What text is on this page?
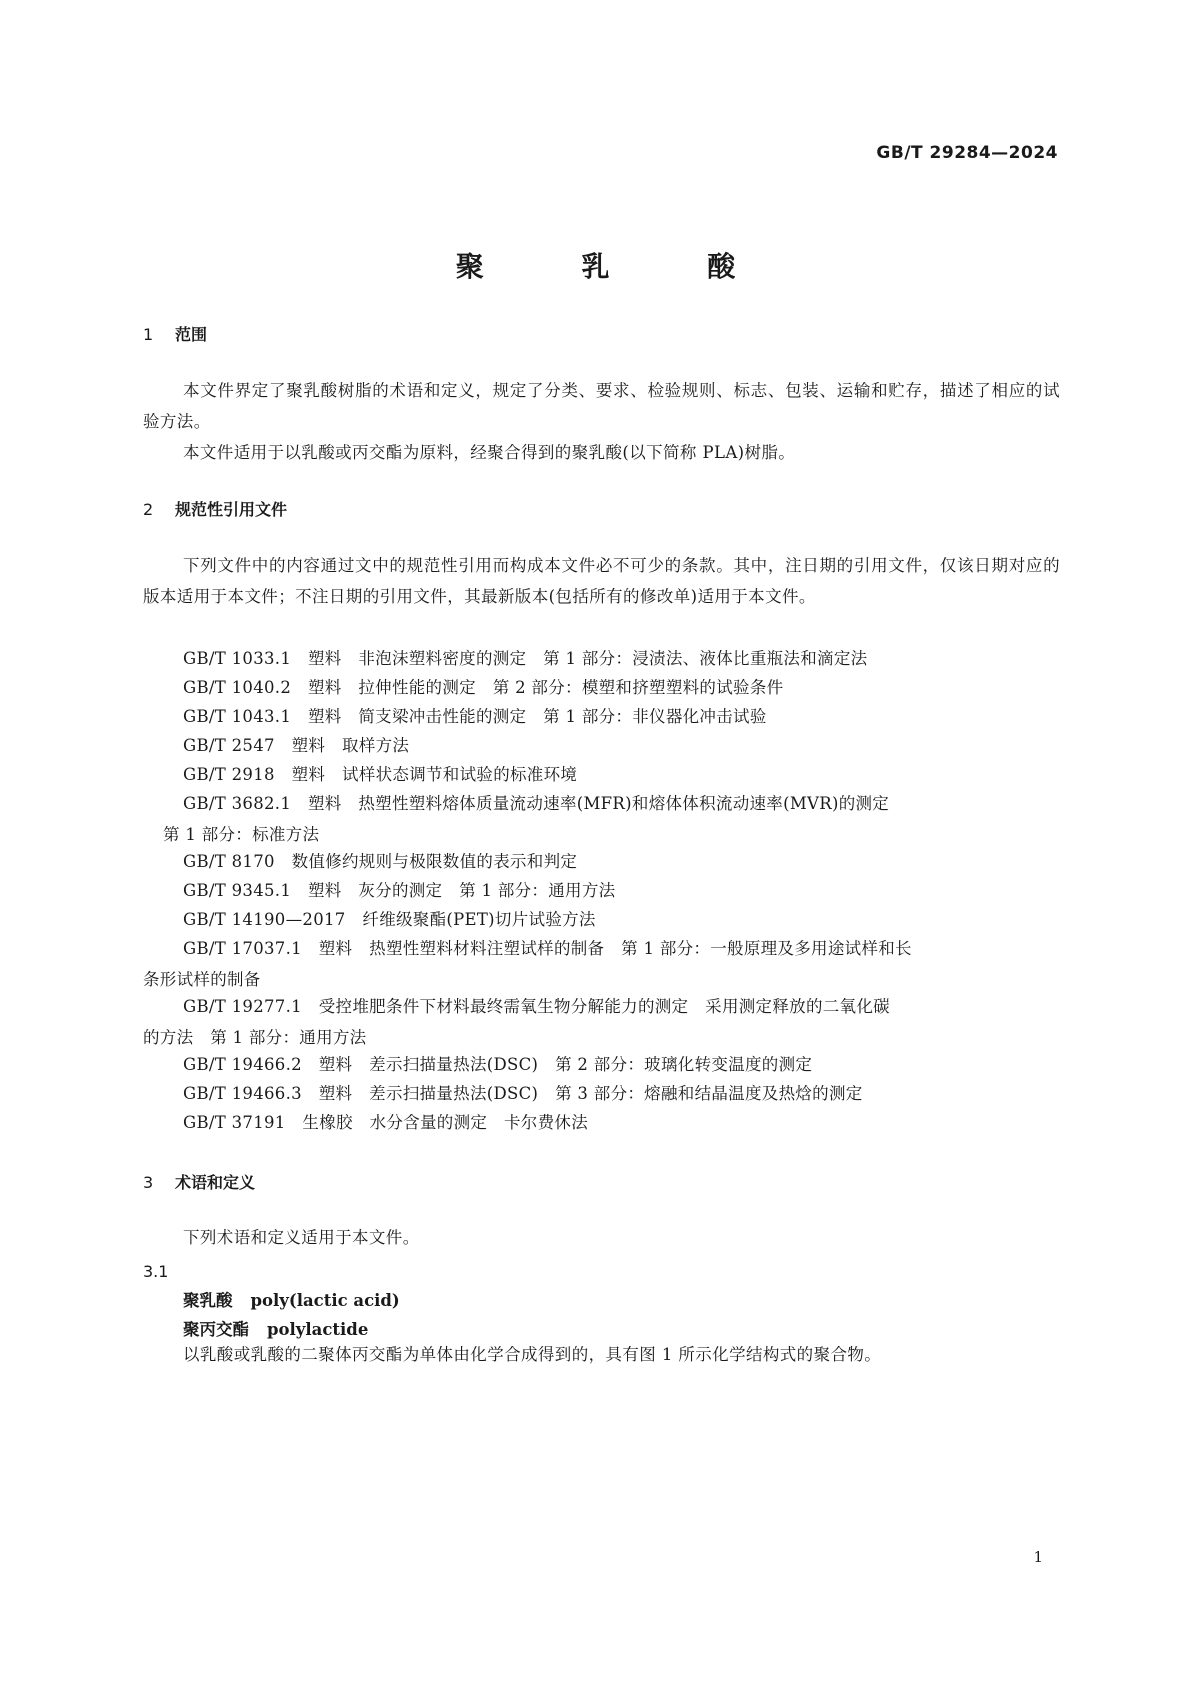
GB/T 29284—2024
聚 乳 酸
1 范围
本文件界定了聚乳酸树脂的术语和定义，规定了分类、要求、检验规则、标志、包装、运输和贮存，描述了相应的试验方法。
本文件适用于以乳酸或丙交酯为原料，经聚合得到的聚乳酸(以下简称 PLA)树脂。
2 规范性引用文件
下列文件中的内容通过文中的规范性引用而构成本文件必不可少的条款。其中，注日期的引用文件，仅该日期对应的版本适用于本文件；不注日期的引用文件，其最新版本(包括所有的修改单)适用于本文件。
GB/T 1033.1　塑料　非泡沫塑料密度的测定　第 1 部分：浸渍法、液体比重瓶法和滴定法
GB/T 1040.2　塑料　拉伸性能的测定　第 2 部分：模塑和挤塑塑料的试验条件
GB/T 1043.1　塑料　简支梁冲击性能的测定　第 1 部分：非仪器化冲击试验
GB/T 2547　塑料　取样方法
GB/T 2918　塑料　试样状态调节和试验的标准环境
GB/T 3682.1　塑料　热塑性塑料熔体质量流动速率(MFR)和熔体体积流动速率(MVR)的测定
第 1 部分：标准方法
GB/T 8170　数值修约规则与极限数值的表示和判定
GB/T 9345.1　塑料　灰分的测定　第 1 部分：通用方法
GB/T 14190—2017　纤维级聚酯(PET)切片试验方法
GB/T 17037.1　塑料　热塑性塑料材料注塑试样的制备　第 1 部分：一般原理及多用途试样和长
条形试样的制备
GB/T 19277.1　受控堆肥条件下材料最终需氧生物分解能力的测定　采用测定释放的二氧化碳
的方法　第 1 部分：通用方法
GB/T 19466.2　塑料　差示扫描量热法(DSC)　第 2 部分：玻璃化转变温度的测定
GB/T 19466.3　塑料　差示扫描量热法(DSC)　第 3 部分：熔融和结晶温度及热焓的测定
GB/T 37191　生橡胶　水分含量的测定　卡尔费休法
3 术语和定义
下列术语和定义适用于本文件。
3.1
聚乳酸 poly(lactic acid)
聚丙交酯 polylactide
以乳酸或乳酸的二聚体丙交酯为单体由化学合成得到的，具有图 1 所示化学结构式的聚合物。
1
